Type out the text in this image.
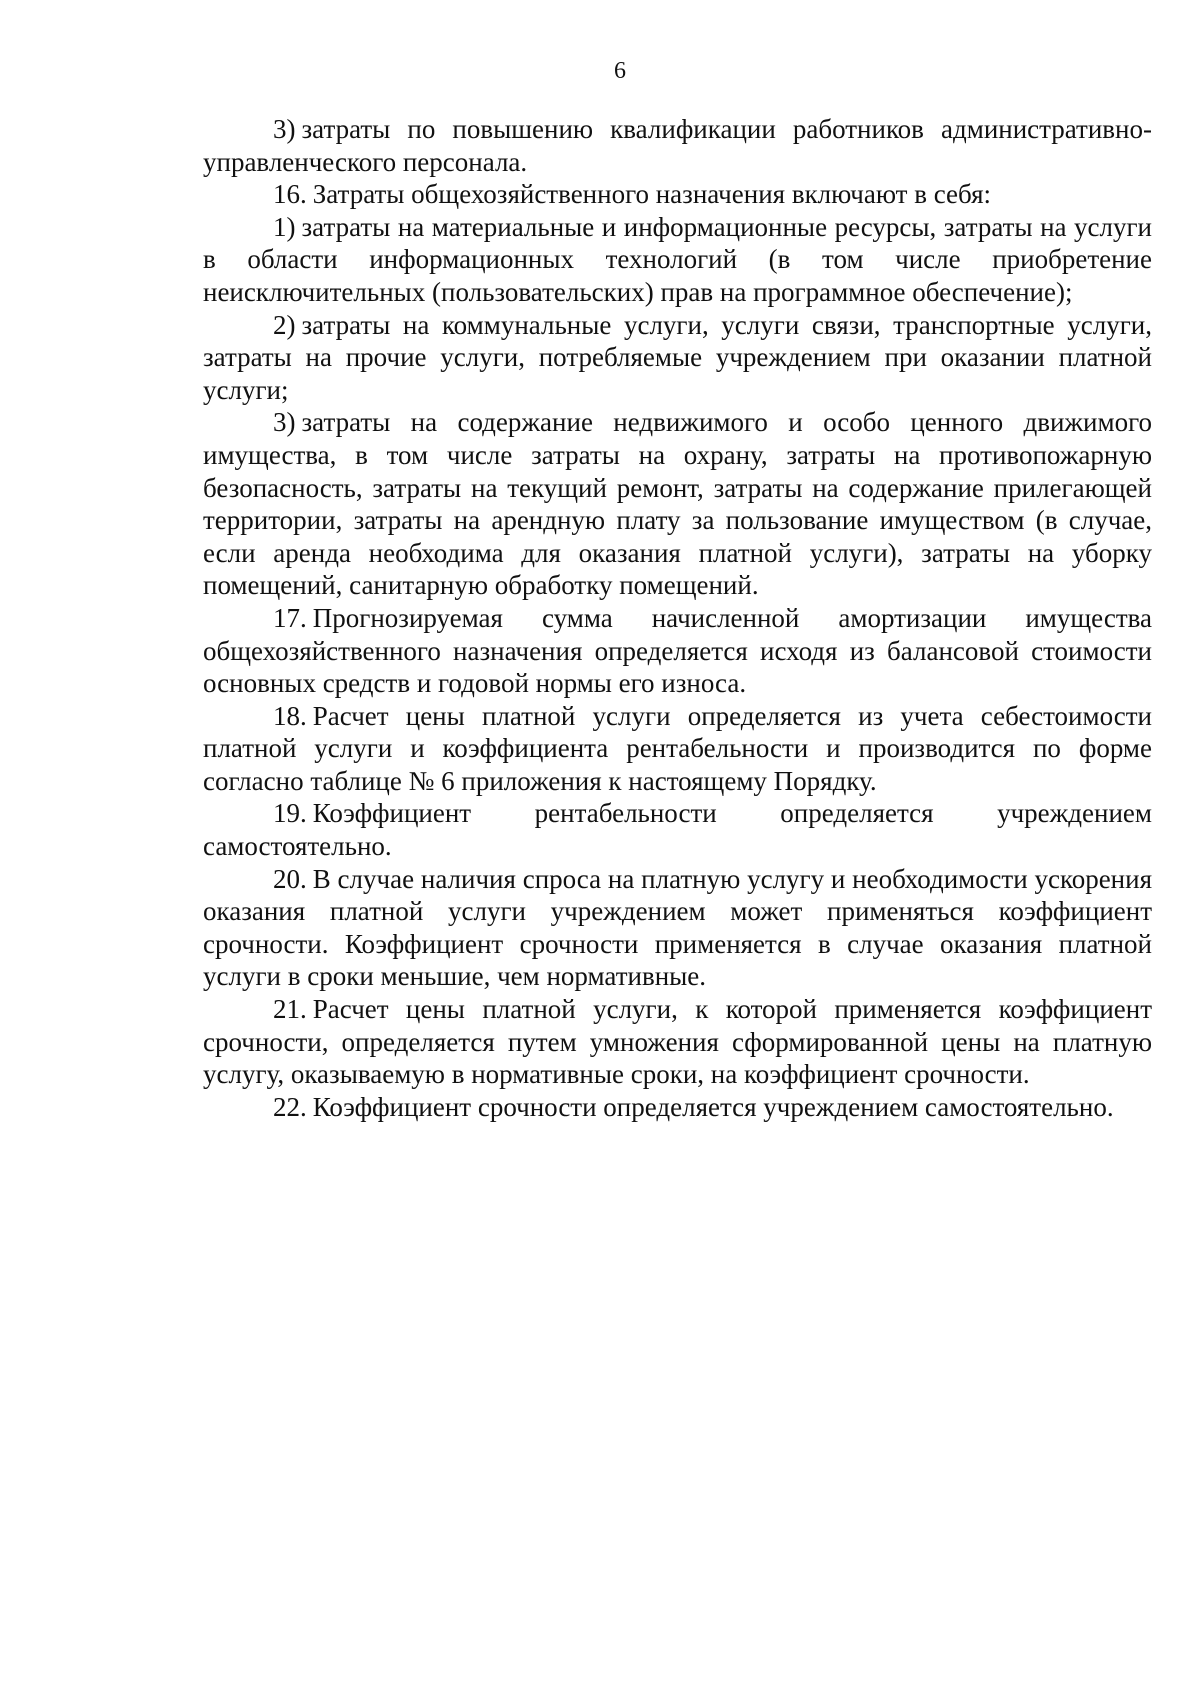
6

3) затраты по повышению квалификации работников административно-управленческого персонала.

16. Затраты общехозяйственного назначения включают в себя:

1) затраты на материальные и информационные ресурсы, затраты на услуги в области информационных технологий (в том числе приобретение неисключительных (пользовательских) прав на программное обеспечение);

2) затраты на коммунальные услуги, услуги связи, транспортные услуги, затраты на прочие услуги, потребляемые учреждением при оказании платной услуги;

3) затраты на содержание недвижимого и особо ценного движимого имущества, в том числе затраты на охрану, затраты на противопожарную безопасность, затраты на текущий ремонт, затраты на содержание прилегающей территории, затраты на арендную плату за пользование имуществом (в случае, если аренда необходима для оказания платной услуги), затраты на уборку помещений, санитарную обработку помещений.

17. Прогнозируемая сумма начисленной амортизации имущества общехозяйственного назначения определяется исходя из балансовой стоимости основных средств и годовой нормы его износа.

18. Расчет цены платной услуги определяется из учета себестоимости платной услуги и коэффициента рентабельности и производится по форме согласно таблице № 6 приложения к настоящему Порядку.

19. Коэффициент рентабельности определяется учреждением самостоятельно.

20. В случае наличия спроса на платную услугу и необходимости ускорения оказания платной услуги учреждением может применяться коэффициент срочности. Коэффициент срочности применяется в случае оказания платной услуги в сроки меньшие, чем нормативные.

21. Расчет цены платной услуги, к которой применяется коэффициент срочности, определяется путем умножения сформированной цены на платную услугу, оказываемую в нормативные сроки, на коэффициент срочности.

22. Коэффициент срочности определяется учреждением самостоятельно.
